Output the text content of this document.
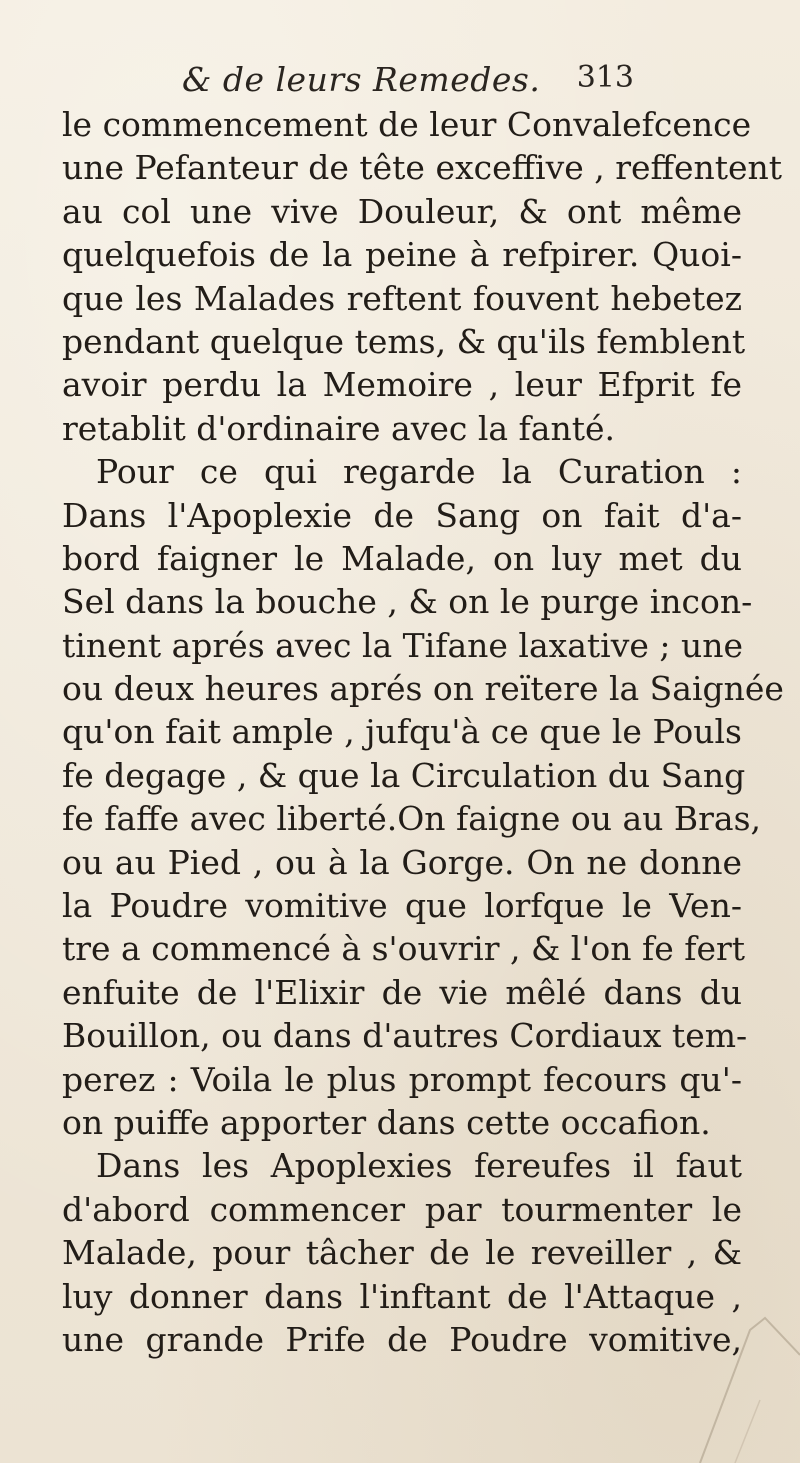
& de leurs Remedes. 313
le commencement de leur Convalefcence
une Pefanteur de tête exceffive , reffentent
au col une vive Douleur, & ont même
quelquefois de la peine à refpirer. Quoi-
que les Malades reftent fouvent hebetez
pendant quelque tems, & qu'ils femblent
avoir perdu la Memoire , leur Efprit fe
retablit d'ordinaire avec la fanté.
Pour ce qui regarde la Curation :
Dans l'Apoplexie de Sang on fait d'a-
bord faigner le Malade, on luy met du
Sel dans la bouche , & on le purge incon-
tinent aprés avec la Tifane laxative ; une
ou deux heures aprés on reïtere la Saignée
qu'on fait ample , jufqu'à ce que le Pouls
fe degage , & que la Circulation du Sang
fe faffe avec liberté.On faigne ou au Bras,
ou au Pied , ou à la Gorge. On ne donne
la Poudre vomitive que lorfque le Ven-
tre a commencé à s'ouvrir , & l'on fe fert
enfuite de l'Elixir de vie mêlé dans du
Bouillon, ou dans d'autres Cordiaux tem-
perez : Voila le plus prompt fecours qu'-
on puiffe apporter dans cette occafion.
Dans les Apoplexies fereufes il faut
d'abord commencer par tourmenter le
Malade, pour tâcher de le reveiller , &
luy donner dans l'inftant de l'Attaque ,
une grande Prife de Poudre vomitive,
